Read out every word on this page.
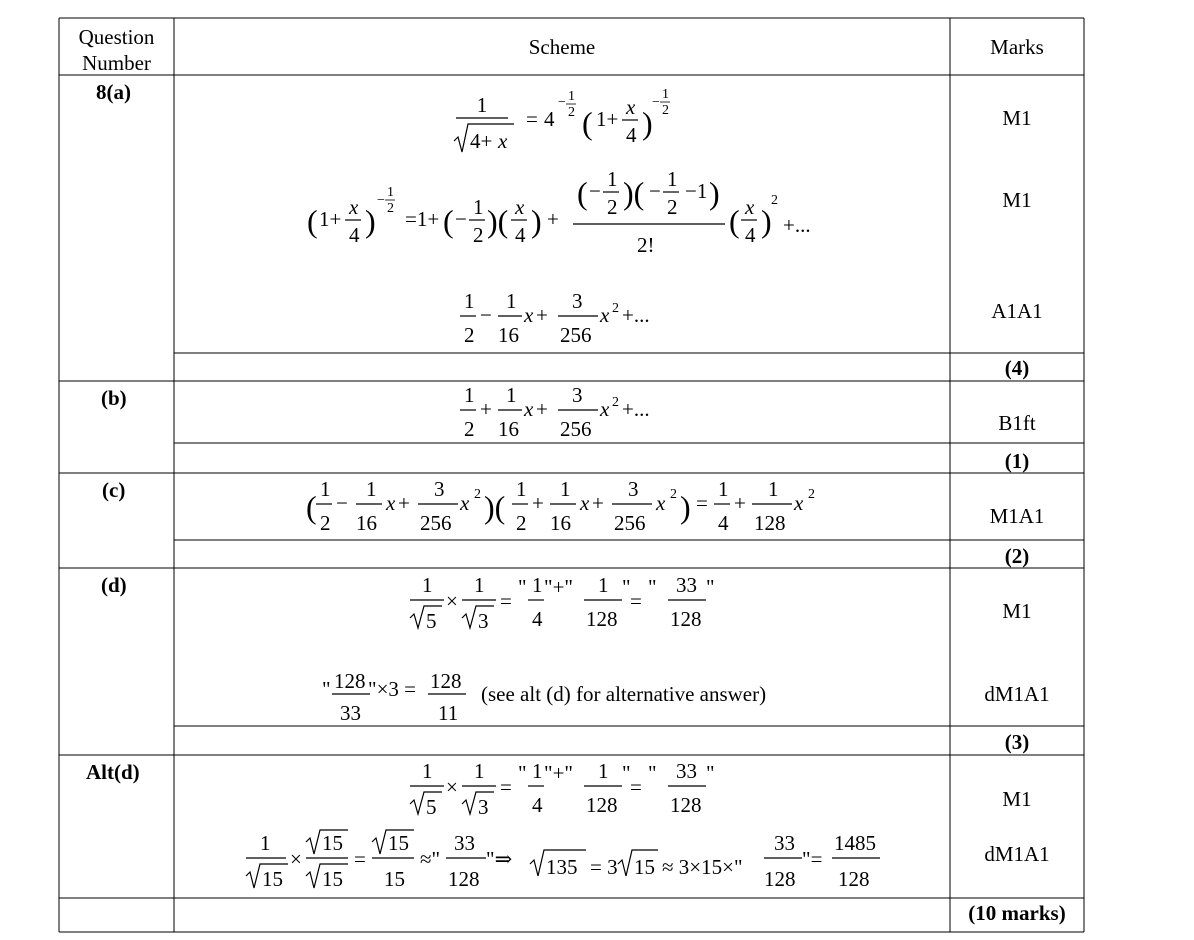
Question
Number
Scheme	Marks
8(a)
(b)
(c)
(d)
Alt(d)
M1
M1
A1A1
(4)
B1ft
(1)
M1A1
(2)
M1
dM1A1
(3)
M1
dM1A1
(10 marks)
1
4+ x
= 4
− 1
2 ( 1+ x
4 )
−
1
2
( 1+ x
4 )
−
1
2 =1+ ( − 1
2 )( x
4 ) +
( − 1
2 )( − 1
2
−1 )
2!
( x
4 )
2
+...
1
2
−
1
16
x +
3
256
x 2 +...
1
2
+
1
16
x +
3
256
x 2 +...
( 1
2
−
1
16
x +
3
256
x 2 )( 1
2
+
1
16
x +
3
256
x 2 ) =
1
4
+
1
128
x 2
1
5
×
1
3
=
" 1
4
"+" 1
128
"
=
" 33
128
"
" 128
33
"×3 = 128
11
(see alt (d) for alternative answer)
1
5
×
1
3
=
" 1
4
"+" 1
128
"
=
" 33
128
"
1
15
×
15
15
=
15
15
≈"
33
128
"⇒ 135 = 3 15 ≈ 3×15×"
33
128
"=
1485
128
